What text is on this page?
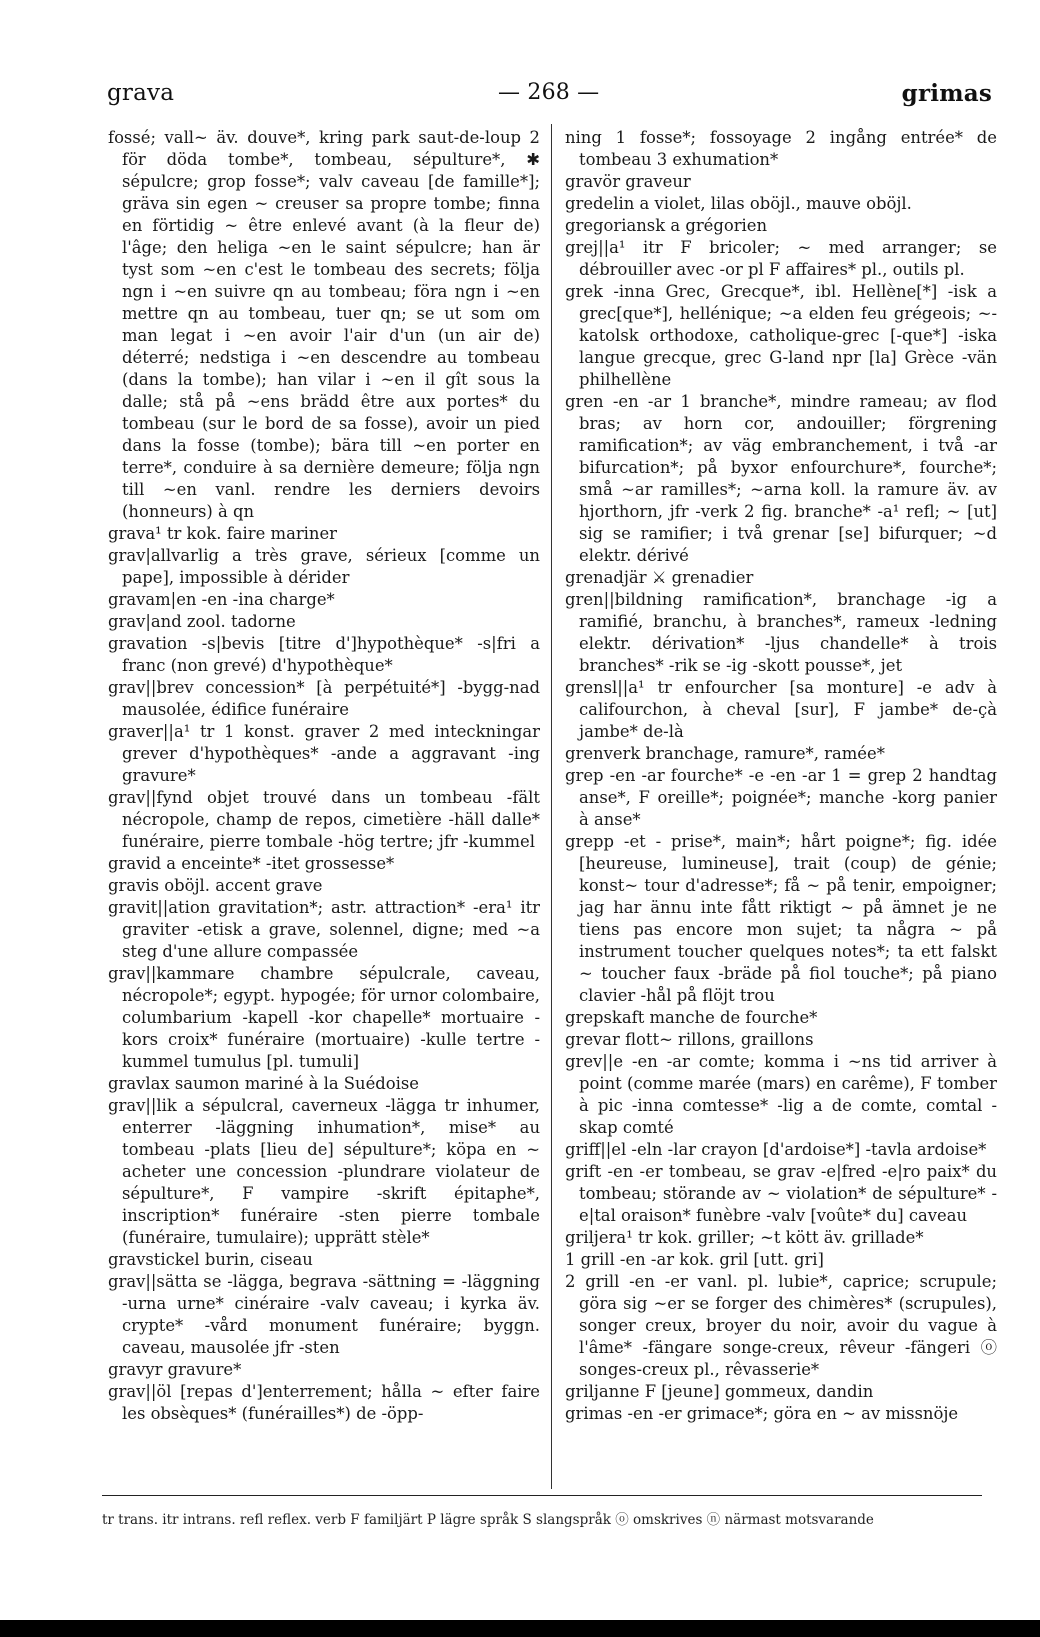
grava	— 268 —	grimas

fossé; vall~ äv. douve*, kring park saut-de-loup 2 för döda tombe*, tombeau, sépulture*, ✱ sépulcre; grop fosse*; valv caveau [de famille*]; gräva sin egen ~ creuser sa propre tombe; finna en förtidig ~ être enlevé avant (à la fleur de) l'âge; den heliga ~en le saint sépulcre; han är tyst som ~en c'est le tombeau des secrets; följa ngn i ~en suivre qn au tombeau; föra ngn i ~en mettre qn au tombeau, tuer qn; se ut som om man legat i ~en avoir l'air d'un (un air de) déterré; nedstiga i ~en descendre au tombeau (dans la tombe); han vilar i ~en il gît sous la dalle; stå på ~ens brädd être aux portes* du tombeau (sur le bord de sa fosse), avoir un pied dans la fosse (tombe); bära till ~en porter en terre*, conduire à sa dernière demeure; följa ngn till ~en vanl. rendre les derniers devoirs (honneurs) à qn

grava¹ tr kok. faire mariner

grav|allvarlig a très grave, sérieux [comme un pape], impossible à dérider

gravam|en -en -ina charge*

grav|and zool. tadorne

gravation -s|bevis [titre d']hypothèque* -s|fri a franc (non grevé) d'hypothèque*

grav||brev concession* [à perpétuité*] -bygg-nad mausolée, édifice funéraire

graver||a¹ tr 1 konst. graver 2 med inteckningar grever d'hypothèques* -ande a aggravant -ing gravure*

grav||fynd objet trouvé dans un tombeau -fält nécropole, champ de repos, cimetière -häll dalle* funéraire, pierre tombale -hög tertre; jfr -kummel

gravid a enceinte* -itet grossesse*

gravis oböjl. accent grave

gravit||ation gravitation*; astr. attraction* -era¹ itr graviter -etisk a grave, solennel, digne; med ~a steg d'une allure compassée

grav||kammare chambre sépulcrale, caveau, nécropole*; egypt. hypogée; för urnor colombaire, columbarium -kapell -kor chapelle* mortuaire -kors croix* funéraire (mortuaire) -kulle tertre -kummel tumulus [pl. tumuli]

gravlax saumon mariné à la Suédoise

grav||lik a sépulcral, caverneux -lägga tr inhumer, enterrer -läggning inhumation*, mise* au tombeau -plats [lieu de] sépulture*; köpa en ~ acheter une concession -plundrare violateur de sépulture*, F vampire -skrift épitaphe*, inscription* funéraire -sten pierre tombale (funéraire, tumulaire); upprätt stèle*

gravstickel burin, ciseau

grav||sätta se -lägga, begrava -sättning = -läggning -urna urne* cinéraire -valv caveau; i kyrka äv. crypte* -vård monument funéraire; byggn. caveau, mausolée jfr -sten

gravyr gravure*

grav||öl [repas d']enterrement; hålla ~ efter faire les obsèques* (funérailles*) de -öpp-

ning 1 fosse*; fossoyage 2 ingång entrée* de tombeau 3 exhumation*

gravör graveur

gredelin a violet, lilas oböjl., mauve oböjl.

gregoriansk a grégorien

grej||a¹ itr F bricoler; ~ med arranger; se débrouiller avec -or pl F affaires* pl., outils pl.

grek -inna Grec, Grecque*, ibl. Hellène[*] -isk a grec[que*], hellénique; ~a elden feu grégeois; ~-katolsk orthodoxe, catholique-grec [-que*] -iska langue grecque, grec G-land npr [la] Grèce -vän philhellène

gren -en -ar 1 branche*, mindre rameau; av flod bras; av horn cor, andouiller; förgrening ramification*; av väg embranchement, i två -ar bifurcation*; på byxor enfourchure*, fourche*; små ~ar ramilles*; ~arna koll. la ramure äv. av hjorthorn, jfr -verk 2 fig. branche* -a¹ refl; ~ [ut] sig se ramifier; i två grenar [se] bifurquer; ~d elektr. dérivé

grenadjär ⚔ grenadier

gren||bildning ramification*, branchage -ig a ramifié, branchu, à branches*, rameux -ledning elektr. dérivation* -ljus chandelle* à trois branches* -rik se -ig -skott pousse*, jet

grensl||a¹ tr enfourcher [sa monture] -e adv à califourchon, à cheval [sur], F jambe* de-çà jambe* de-là

grenverk branchage, ramure*, ramée*

grep -en -ar fourche* -e -en -ar 1 = grep 2 handtag anse*, F oreille*; poignée*; manche -korg panier à anse*

grepp -et - prise*, main*; hårt poigne*; fig. idée [heureuse, lumineuse], trait (coup) de génie; konst~ tour d'adresse*; få ~ på tenir, empoigner; jag har ännu inte fått riktigt ~ på ämnet je ne tiens pas encore mon sujet; ta några ~ på instrument toucher quelques notes*; ta ett falskt ~ toucher faux -bräde på fiol touche*; på piano clavier -hål på flöjt trou

grepskaft manche de fourche*

grevar flott~ rillons, graillons

grev||e -en -ar comte; komma i ~ns tid arriver à point (comme marée (mars) en carême), F tomber à pic -inna comtesse* -lig a de comte, comtal -skap comté

griff||el -eln -lar crayon [d'ardoise*] -tavla ardoise*

grift -en -er tombeau, se grav -e|fred -e|ro paix* du tombeau; störande av ~ violation* de sépulture* -e|tal oraison* funèbre -valv [voûte* du] caveau

griljera¹ tr kok. griller; ~t kött äv. grillade*

1 grill -en -ar kok. gril [utt. gri]

2 grill -en -er vanl. pl. lubie*, caprice; scrupule; göra sig ~er se forger des chimères* (scrupules), songer creux, broyer du noir, avoir du vague à l'âme* -fängare songe-creux, rêveur -fängeri ⓞ songes-creux pl., rêvasserie*

griljanne F [jeune] gommeux, dandin

grimas -en -er grimace*; göra en ~ av missnöje

tr trans. itr intrans. refl reflex. verb F familjärt P lägre språk S slangspråk ⓞ omskrives ⓝ närmast motsvarande
